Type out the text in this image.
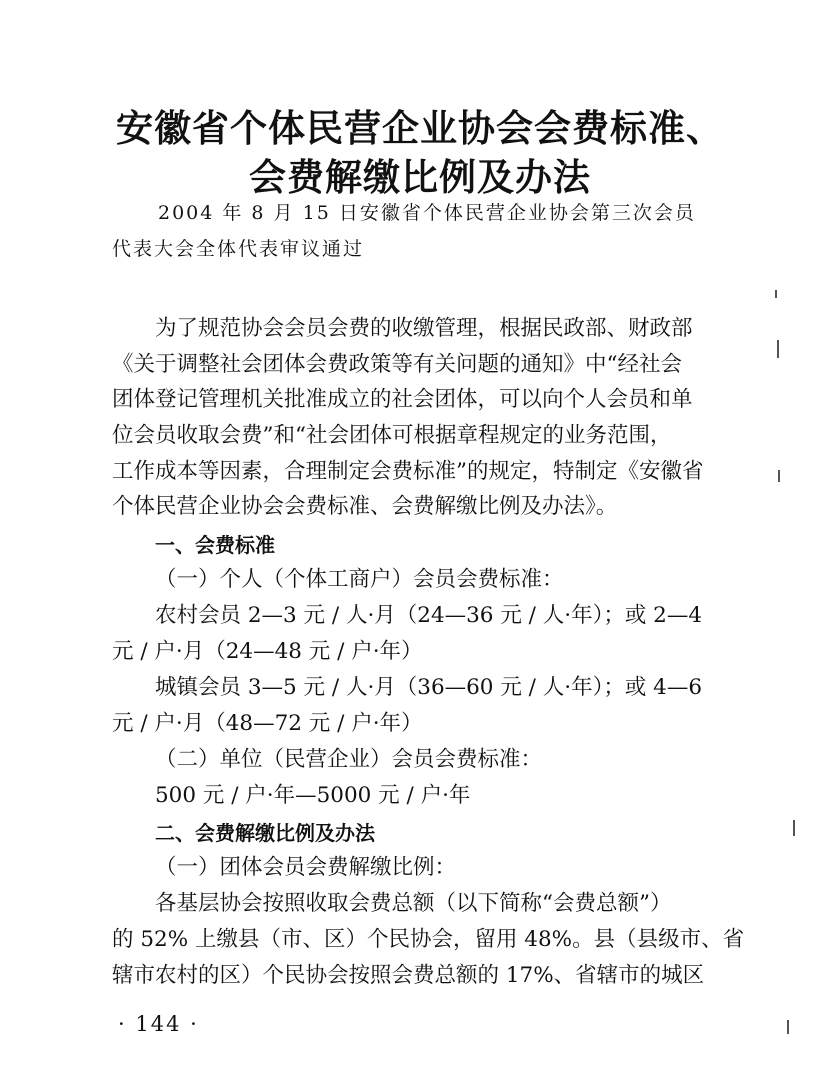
安徽省个体民营企业协会会费标准、
会费解缴比例及办法
2004 年 8 月 15 日安徽省个体民营企业协会第三次会员
代表大会全体代表审议通过
为了规范协会会员会费的收缴管理，根据民政部、财政部
《关于调整社会团体会费政策等有关问题的通知》中“经社会
团体登记管理机关批准成立的社会团体，可以向个人会员和单
位会员收取会费”和“社会团体可根据章程规定的业务范围，
工作成本等因素，合理制定会费标准”的规定，特制定《安徽省
个体民营企业协会会费标准、会费解缴比例及办法》。
一、会费标准
（一）个人（个体工商户）会员会费标准：
农村会员 2—3 元 / 人·月（24—36 元 / 人·年）；或 2—4
元 / 户·月（24—48 元 / 户·年）
城镇会员 3—5 元 / 人·月（36—60 元 / 人·年）；或 4—6
元 / 户·月（48—72 元 / 户·年）
（二）单位（民营企业）会员会费标准：
500 元 / 户·年—5000 元 / 户·年
二、会费解缴比例及办法
（一）团体会员会费解缴比例：
各基层协会按照收取会费总额（以下简称“会费总额”）
的 52% 上缴县（市、区）个民协会，留用 48%。县（县级市、省
辖市农村的区）个民协会按照会费总额的 17%、省辖市的城区
· 144 ·
